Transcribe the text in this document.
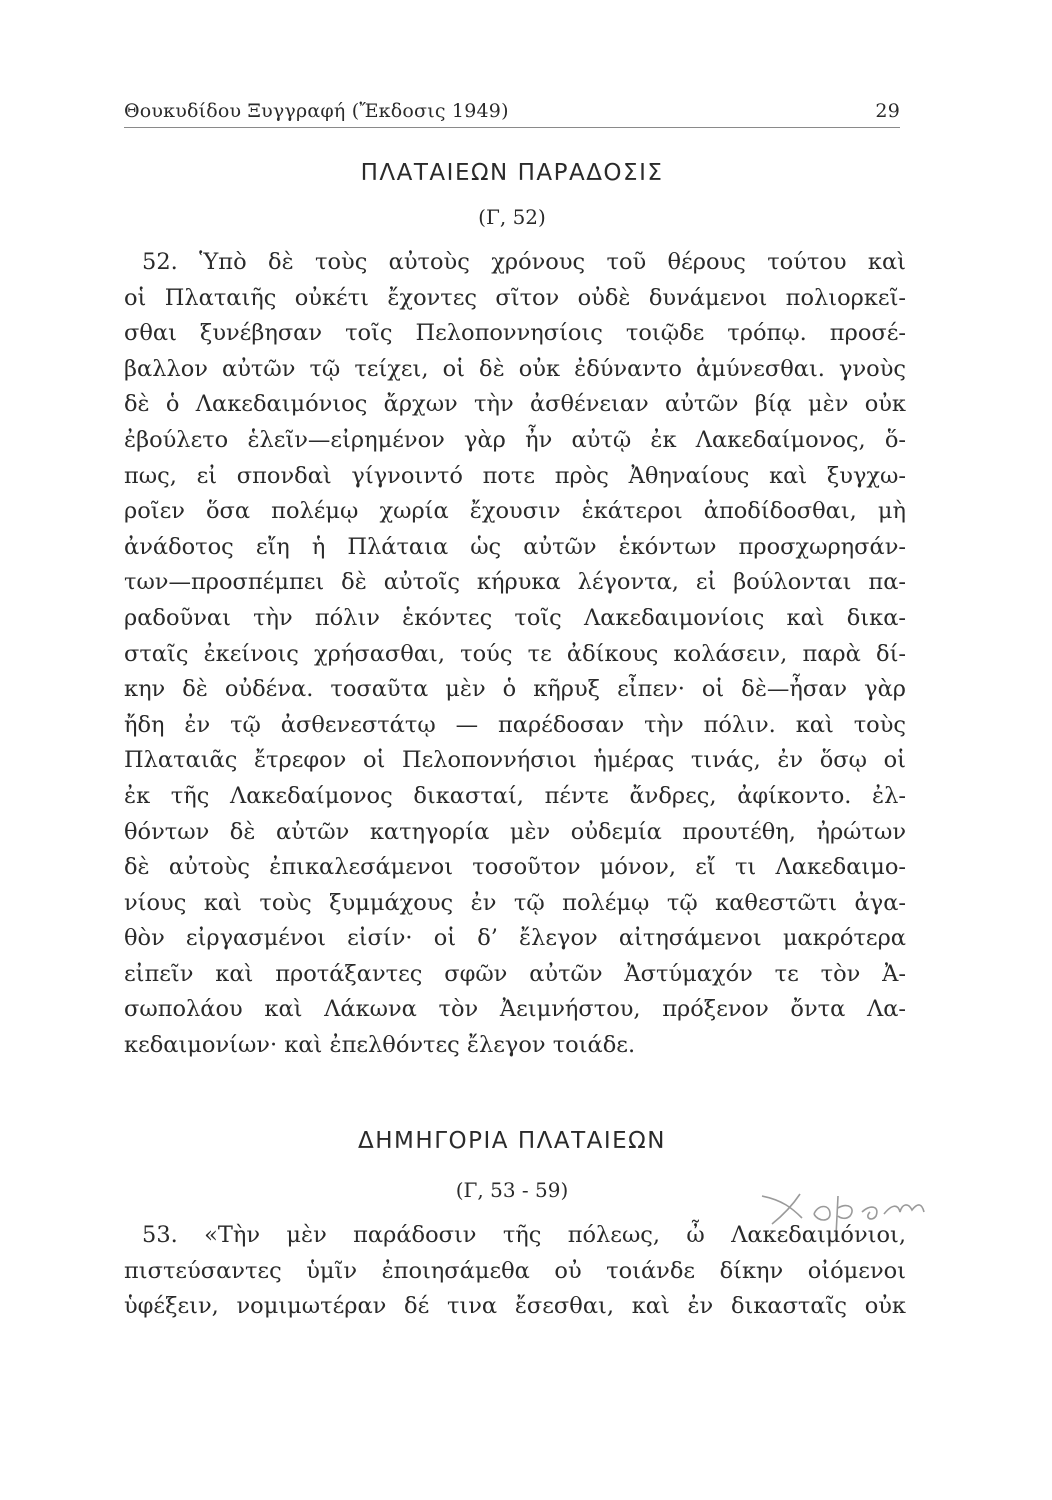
Θουκυδίδου Ξυγγραφή (Ἔκδοσις 1949)	29
ΠΛΑΤΑΙΕΩΝ ΠΑΡΑΔΟΣΙΣ
(Γ, 52)
52. Ὑπὸ δὲ τοὺς αὐτοὺς χρόνους τοῦ θέρους τούτου καὶ
οἱ Πλαταιῆς οὐκέτι ἔχοντες σῖτον οὐδὲ δυνάμενοι πολιορκεῖ-
σθαι ξυνέβησαν τοῖς Πελοποννησίοις τοιῷδε τρόπῳ. προσέ-
βαλλον αὐτῶν τῷ τείχει, οἱ δὲ οὐκ ἐδύναντο ἀμύνεσθαι. γνοὺς
δὲ ὁ Λακεδαιμόνιος ἄρχων τὴν ἀσθένειαν αὐτῶν βίᾳ μὲν οὐκ
ἐβούλετο ἑλεῖν—εἰρημένον γὰρ ἦν αὐτῷ ἐκ Λακεδαίμονος, ὅ-
πως, εἰ σπονδαὶ γίγνοιντό ποτε πρὸς Ἀθηναίους καὶ ξυγχω-
ροῖεν ὅσα πολέμῳ χωρία ἔχουσιν ἑκάτεροι ἀποδίδοσθαι, μὴ
ἀνάδοτος εἴη ἡ Πλάταια ὡς αὐτῶν ἑκόντων προσχωρησάν-
των—προσπέμπει δὲ αὐτοῖς κήρυκα λέγοντα, εἰ βούλονται πα-
ραδοῦναι τὴν πόλιν ἑκόντες τοῖς Λακεδαιμονίοις καὶ δικα-
σταῖς ἐκείνοις χρήσασθαι, τούς τε ἀδίκους κολάσειν, παρὰ δί-
κην δὲ οὐδένα. τοσαῦτα μὲν ὁ κῆρυξ εἶπεν· οἱ δὲ—ἦσαν γὰρ
ἤδη ἐν τῷ ἀσθενεστάτῳ — παρέδοσαν τὴν πόλιν. καὶ τοὺς
Πλαταιᾶς ἔτρεφον οἱ Πελοποννήσιοι ἡμέρας τινάς, ἐν ὅσῳ οἱ
ἐκ τῆς Λακεδαίμονος δικασταί, πέντε ἄνδρες, ἀφίκοντο. ἐλ-
θόντων δὲ αὐτῶν κατηγορία μὲν οὐδεμία προυτέθη, ἠρώτων
δὲ αὐτοὺς ἐπικαλεσάμενοι τοσοῦτον μόνον, εἴ τι Λακεδαιμο-
νίους καὶ τοὺς ξυμμάχους ἐν τῷ πολέμῳ τῷ καθεστῶτι ἀγα-
θὸν εἰργασμένοι εἰσίν· οἱ δ’ ἔλεγον αἰτησάμενοι μακρότερα
εἰπεῖν καὶ προτάξαντες σφῶν αὐτῶν Ἀστύμαχόν τε τὸν Ἀ-
σωπολάου καὶ Λάκωνα τὸν Ἀειμνήστου, πρόξενον ὄντα Λα-
κεδαιμονίων· καὶ ἐπελθόντες ἔλεγον τοιάδε.
ΔΗΜΗΓΟΡΙΑ ΠΛΑΤΑΙΕΩΝ
(Γ, 53 - 59)
53. «Τὴν μὲν παράδοσιν τῆς πόλεως, ὦ Λακεδαιμόνιοι,
πιστεύσαντες ὑμῖν ἐποιησάμεθα οὐ τοιάνδε δίκην οἰόμενοι
ὑφέξειν, νομιμωτέραν δέ τινα ἔσεσθαι, καὶ ἐν δικασταῖς οὐκ
